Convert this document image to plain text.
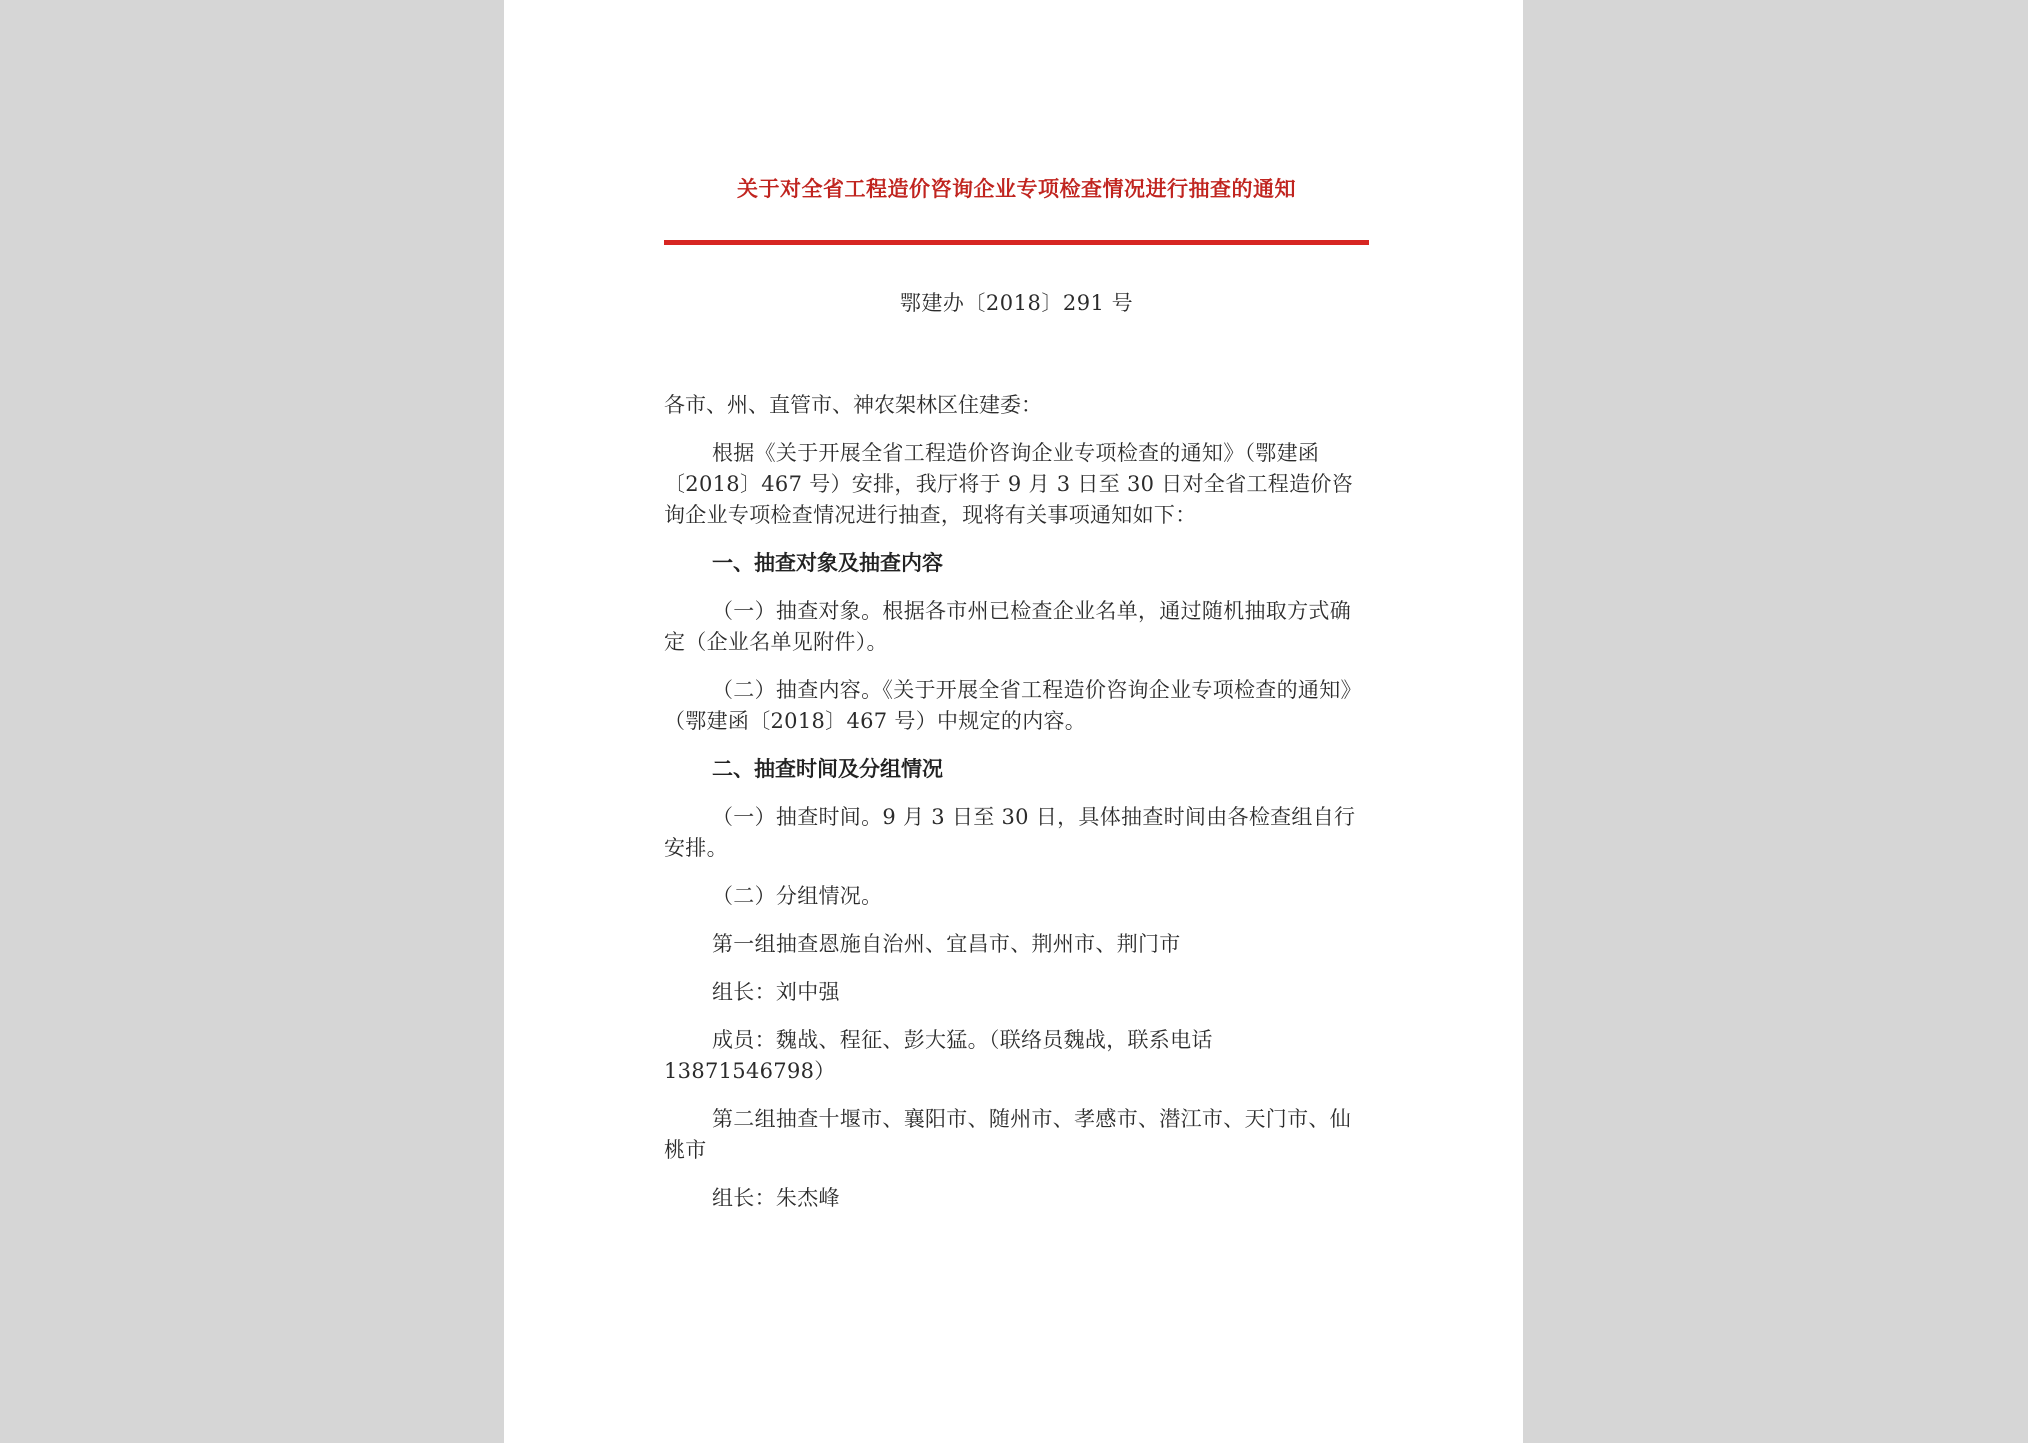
关于对全省工程造价咨询企业专项检查情况进行抽查的通知

鄂建办〔2018〕291 号

各市、州、直管市、神农架林区住建委：

根据《关于开展全省工程造价咨询企业专项检查的通知》（鄂建函〔2018〕467 号）安排，我厅将于 9 月 3 日至 30 日对全省工程造价咨询企业专项检查情况进行抽查，现将有关事项通知如下：

一、抽查对象及抽查内容

（一）抽查对象。根据各市州已检查企业名单，通过随机抽取方式确定（企业名单见附件）。

（二）抽查内容。《关于开展全省工程造价咨询企业专项检查的通知》（鄂建函〔2018〕467 号）中规定的内容。

二、抽查时间及分组情况

（一）抽查时间。9 月 3 日至 30 日，具体抽查时间由各检查组自行安排。

（二）分组情况。

第一组抽查恩施自治州、宜昌市、荆州市、荆门市

组长：刘中强

成员：魏战、程征、彭大猛。（联络员魏战，联系电话 13871546798）

第二组抽查十堰市、襄阳市、随州市、孝感市、潜江市、天门市、仙桃市

组长：朱杰峰
